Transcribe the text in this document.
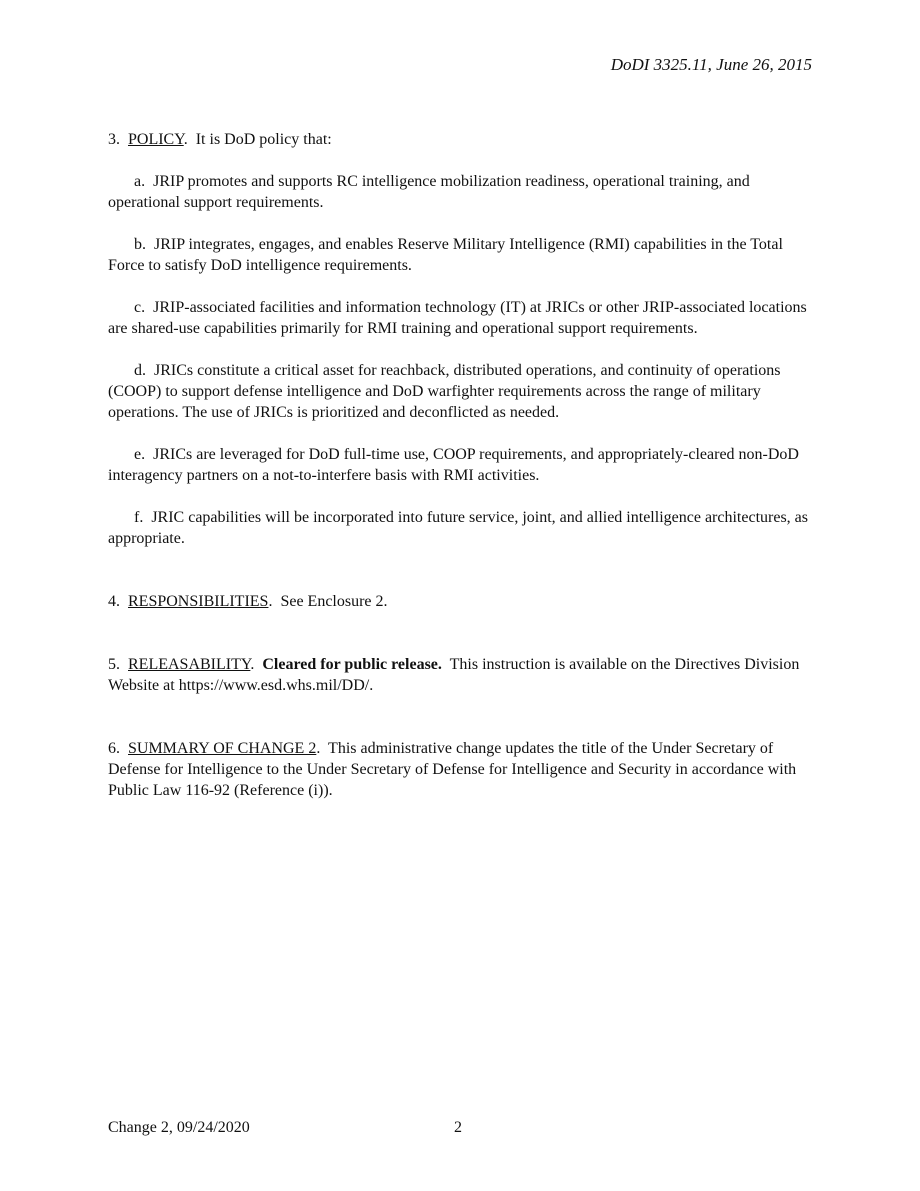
DoDI 3325.11, June 26, 2015

3. POLICY.  It is DoD policy that:

a. JRIP promotes and supports RC intelligence mobilization readiness, operational training, and operational support requirements.

b. JRIP integrates, engages, and enables Reserve Military Intelligence (RMI) capabilities in the Total Force to satisfy DoD intelligence requirements.

c. JRIP-associated facilities and information technology (IT) at JRICs or other JRIP-associated locations are shared-use capabilities primarily for RMI training and operational support requirements.

d. JRICs constitute a critical asset for reachback, distributed operations, and continuity of operations (COOP) to support defense intelligence and DoD warfighter requirements across the range of military operations. The use of JRICs is prioritized and deconflicted as needed.

e. JRICs are leveraged for DoD full-time use, COOP requirements, and appropriately-cleared non-DoD interagency partners on a not-to-interfere basis with RMI activities.

f. JRIC capabilities will be incorporated into future service, joint, and allied intelligence architectures, as appropriate.

4. RESPONSIBILITIES.  See Enclosure 2.

5. RELEASABILITY.  Cleared for public release. This instruction is available on the Directives Division Website at https://www.esd.whs.mil/DD/.

6. SUMMARY OF CHANGE 2.  This administrative change updates the title of the Under Secretary of Defense for Intelligence to the Under Secretary of Defense for Intelligence and Security in accordance with Public Law 116-92 (Reference (i)).

Change 2, 09/24/2020	2
